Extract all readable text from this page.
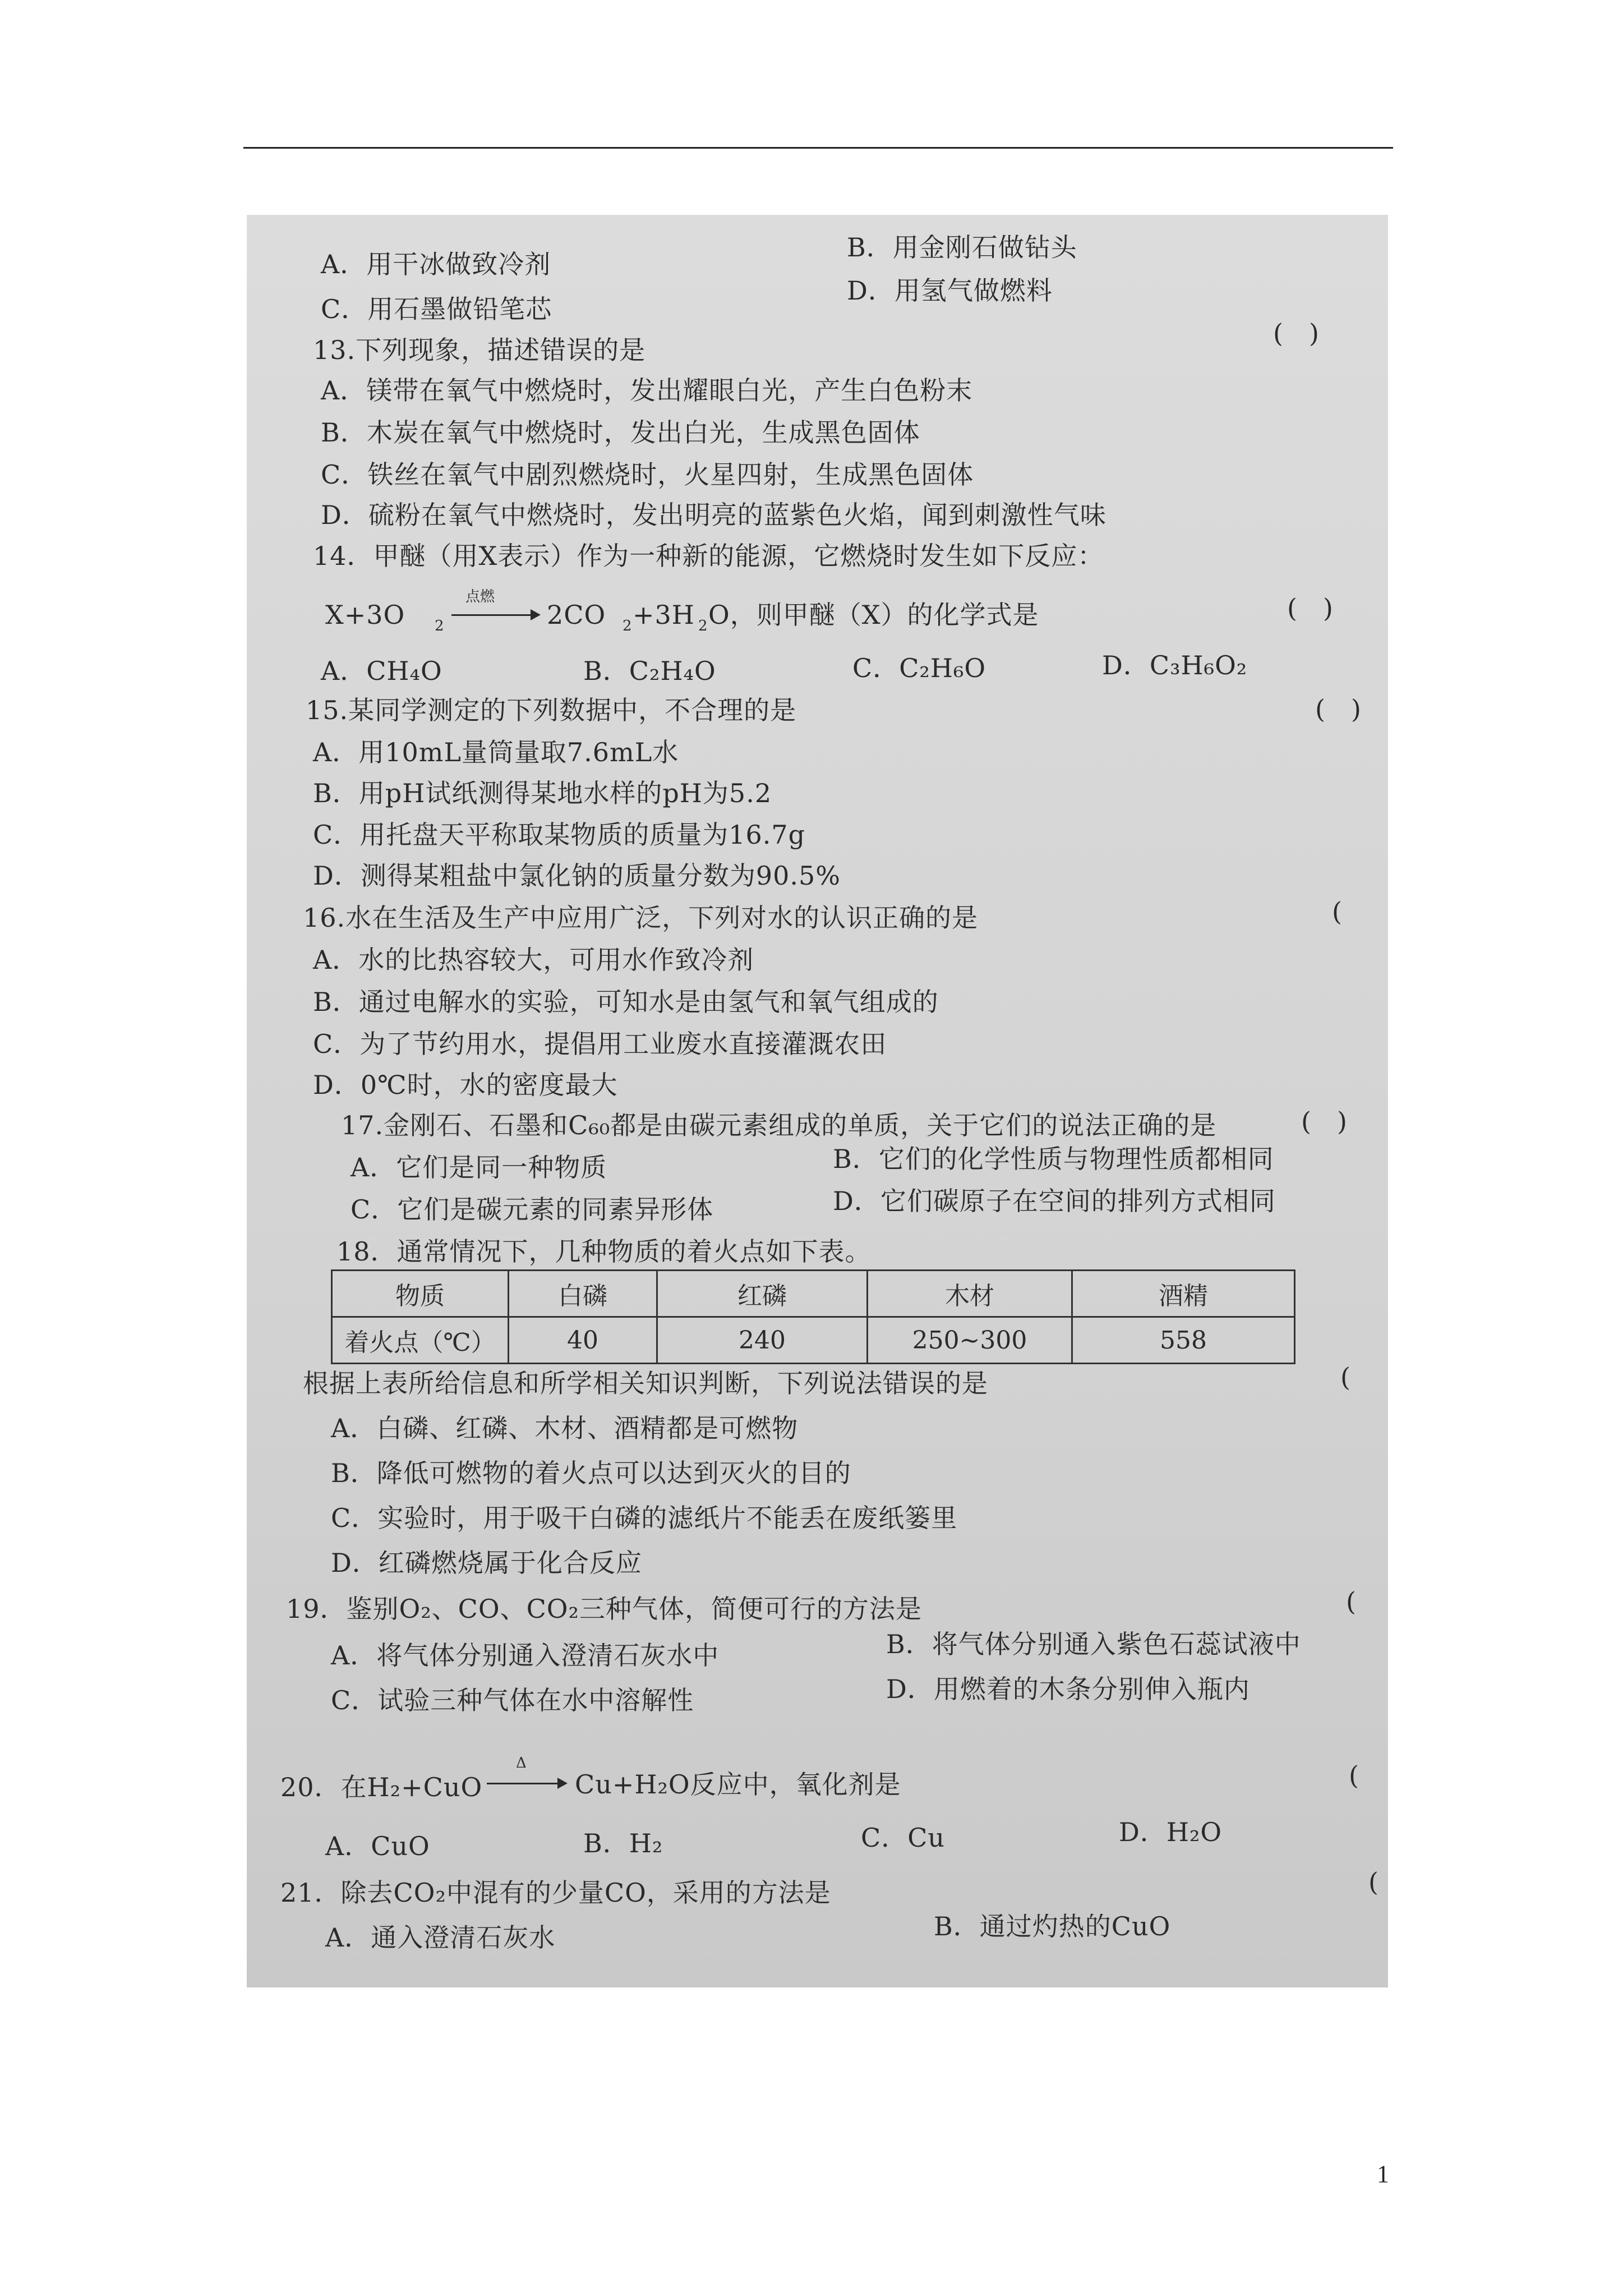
A．用干冰做致冷剂
B．用金刚石做钻头
C．用石墨做铅笔芯
D．用氢气做燃料
(　)
13.下列现象，描述错误的是
A．镁带在氧气中燃烧时，发出耀眼白光，产生白色粉末
B．木炭在氧气中燃烧时，发出白光，生成黑色固体
C．铁丝在氧气中剧烈燃烧时，火星四射，生成黑色固体
D．硫粉在氧气中燃烧时，发出明亮的蓝紫色火焰，闻到刺激性气味
14．甲醚（用X表示）作为一种新的能源，它燃烧时发生如下反应：
X+3O 2
点燃
2CO 2 +3H 2 O，则甲醚（X）的化学式是	(　)
A．CH₄O	B．C₂H₄O	C．C₂H₆O	D．C₃H₆O₂
15.某同学测定的下列数据中，不合理的是	(　)
A．用10mL量筒量取7.6mL水
B．用pH试纸测得某地水样的pH为5.2
C．用托盘天平称取某物质的质量为16.7g
D．测得某粗盐中氯化钠的质量分数为90.5%
16.水在生活及生产中应用广泛，下列对水的认识正确的是	(
A．水的比热容较大，可用水作致冷剂
B．通过电解水的实验，可知水是由氢气和氧气组成的
C．为了节约用水，提倡用工业废水直接灌溉农田
D．0℃时，水的密度最大
17.金刚石、石墨和C₆₀都是由碳元素组成的单质，关于它们的说法正确的是	(　)
A．它们是同一种物质	B．它们的化学性质与物理性质都相同
C．它们是碳元素的同素异形体	D．它们碳原子在空间的排列方式相同
18．通常情况下，几种物质的着火点如下表。
物质	白磷	红磷	木材	酒精
着火点（℃）	40	240	250~300	558
根据上表所给信息和所学相关知识判断，下列说法错误的是	(
A．白磷、红磷、木材、酒精都是可燃物
B．降低可燃物的着火点可以达到灭火的目的
C．实验时，用于吸干白磷的滤纸片不能丢在废纸篓里
D．红磷燃烧属于化合反应
19．鉴别O₂、CO、CO₂三种气体，简便可行的方法是	(
A．将气体分别通入澄清石灰水中	B．将气体分别通入紫色石蕊试液中
C．试验三种气体在水中溶解性	D．用燃着的木条分别伸入瓶内
20．在H₂+CuO
Δ
Cu+H₂O反应中，氧化剂是	(
A．CuO	B．H₂	C．Cu	D．H₂O
21．除去CO₂中混有的少量CO，采用的方法是	(
A．通入澄清石灰水	B．通过灼热的CuO
1
